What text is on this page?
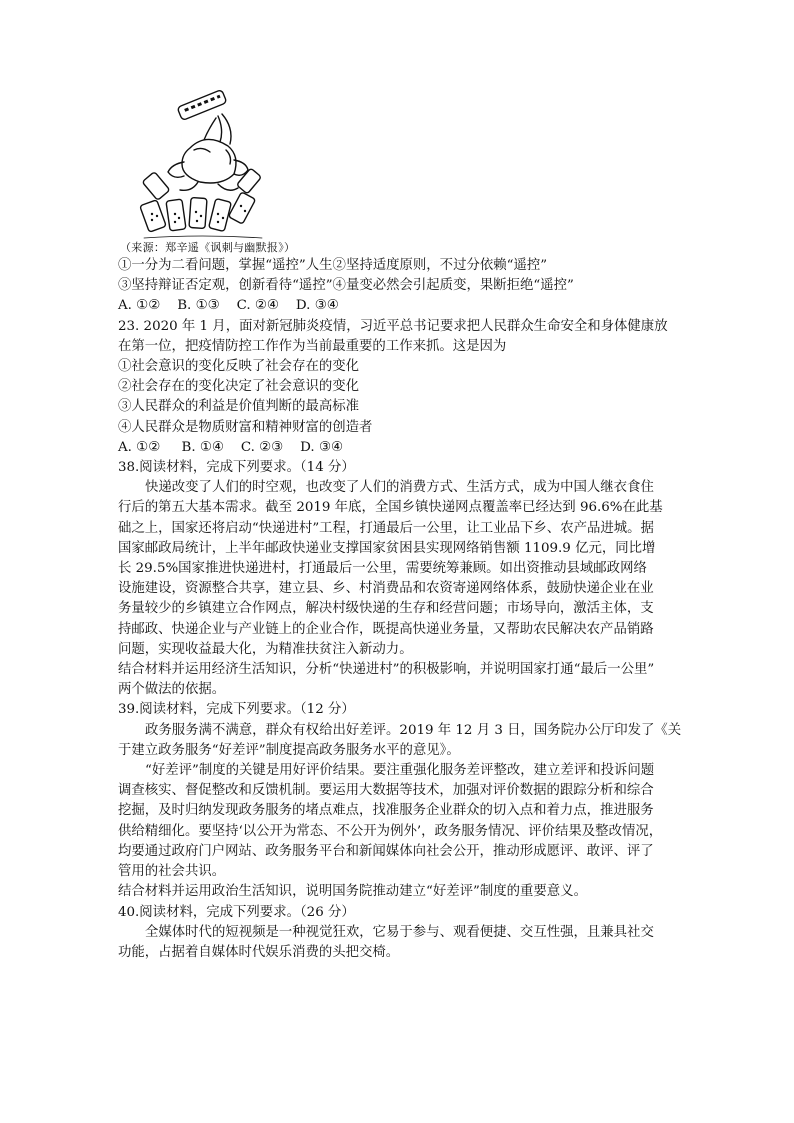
（来源：郑辛遥《讽刺与幽默报》）
①一分为二看问题，掌握“遥控”人生②坚持适度原则，不过分依赖“遥控”
③坚持辩证否定观，创新看待“遥控”④量变必然会引起质变，果断拒绝“遥控”
A. ①②    B. ①③    C. ②④    D. ③④
23. 2020 年 1 月，面对新冠肺炎疫情，习近平总书记要求把人民群众生命安全和身体健康放
在第一位，把疫情防控工作作为当前最重要的工作来抓。这是因为
①社会意识的变化反映了社会存在的变化
②社会存在的变化决定了社会意识的变化
③人民群众的利益是价值判断的最高标准
④人民群众是物质财富和精神财富的创造者
A. ①②     B. ①④    C. ②③    D. ③④
38.阅读材料，完成下列要求。（14 分）
快递改变了人们的时空观，也改变了人们的消费方式、生活方式，成为中国人继衣食住
行后的第五大基本需求。截至 2019 年底，全国乡镇快递网点覆盖率已经达到 96.6%在此基
础之上，国家还将启动“快递进村”工程，打通最后一公里，让工业品下乡、农产品进城。据
国家邮政局统计，上半年邮政快递业支撑国家贫困县实现网络销售额 1109.9 亿元，同比增
长 29.5%国家推进快递进村，打通最后一公里，需要统筹兼顾。如出资推动县域邮政网络
设施建设，资源整合共享，建立县、乡、村消费品和农资寄递网络体系，鼓励快递企业在业
务量较少的乡镇建立合作网点，解决村级快递的生存和经营问题；市场导向，激活主体，支
持邮政、快递企业与产业链上的企业合作，既提高快递业务量，又帮助农民解决农产品销路
问题，实现收益最大化，为精准扶贫注入新动力。
结合材料并运用经济生活知识，分析“快递进村”的积极影响，并说明国家打通“最后一公里”
两个做法的依据。
39.阅读材料，完成下列要求。（12 分）
政务服务满不满意，群众有权给出好差评。2019 年 12 月 3 日，国务院办公厅印发了《关
于建立政务服务“好差评”制度提高政务服务水平的意见》。
“好差评”制度的关键是用好评价结果。要注重强化服务差评整改，建立差评和投诉问题
调查核实、督促整改和反馈机制。要运用大数据等技术，加强对评价数据的跟踪分析和综合
挖掘，及时归纳发现政务服务的堵点难点，找准服务企业群众的切入点和着力点，推进服务
供给精细化。要坚持‘以公开为常态、不公开为例外’，政务服务情况、评价结果及整改情况，
均要通过政府门户网站、政务服务平台和新闻媒体向社会公开，推动形成愿评、敢评、评了
管用的社会共识。
结合材料并运用政治生活知识，说明国务院推动建立“好差评”制度的重要意义。
40.阅读材料，完成下列要求。（26 分）
全媒体时代的短视频是一种视觉狂欢，它易于参与、观看便捷、交互性强，且兼具社交
功能，占据着自媒体时代娱乐消费的头把交椅。
